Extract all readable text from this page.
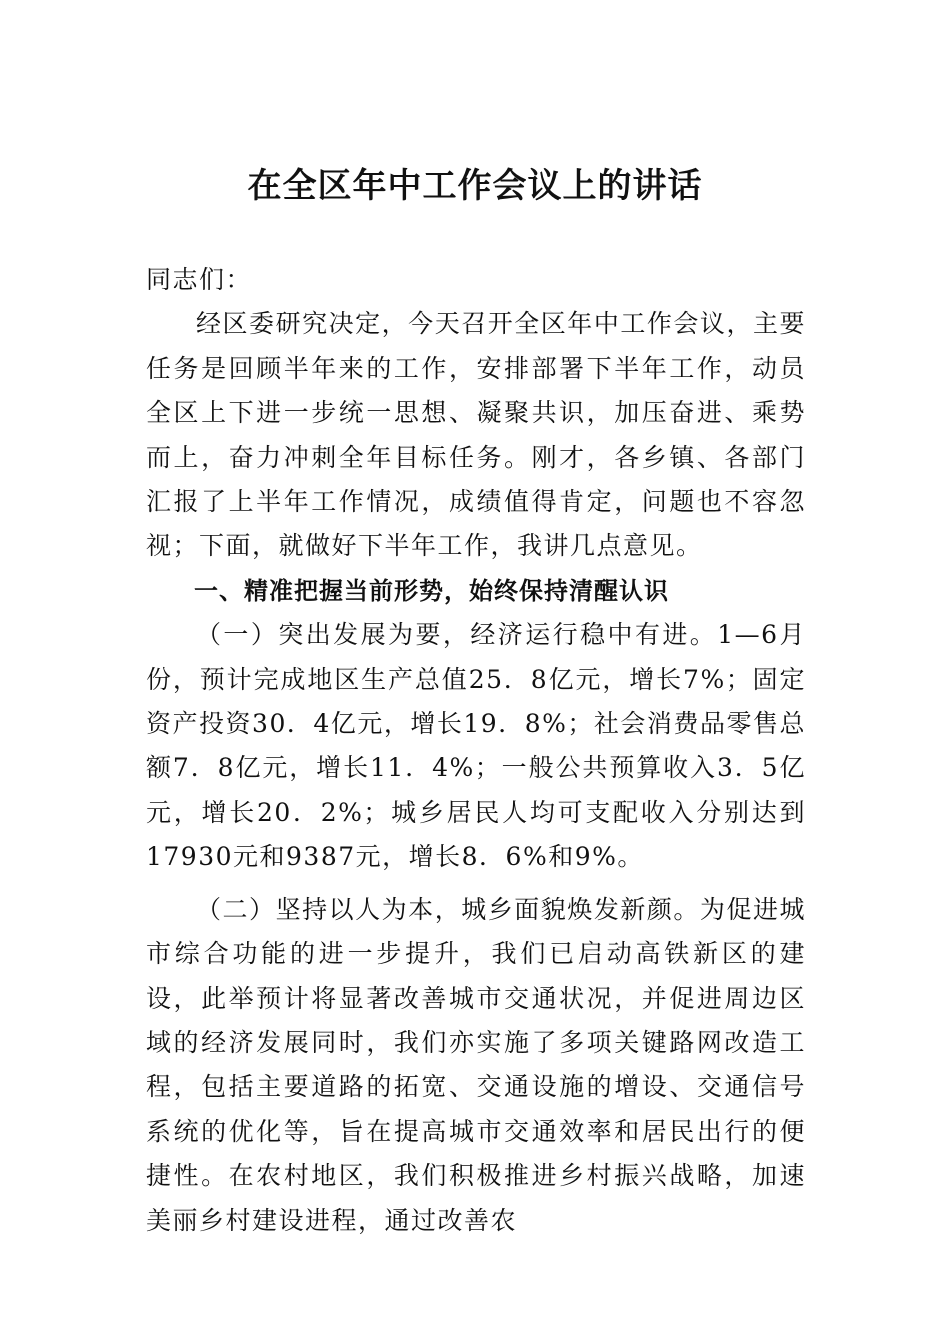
在全区年中工作会议上的讲话

同志们：

经区委研究决定，今天召开全区年中工作会议，主要任务是回顾半年来的工作，安排部署下半年工作，动员全区上下进一步统一思想、凝聚共识，加压奋进、乘势而上，奋力冲刺全年目标任务。刚才，各乡镇、各部门汇报了上半年工作情况，成绩值得肯定，问题也不容忽视；下面，就做好下半年工作，我讲几点意见。

一、精准把握当前形势，始终保持清醒认识

（一）突出发展为要，经济运行稳中有进。1—6月份，预计完成地区生产总值25．8亿元，增长7%；固定资产投资30．4亿元，增长19．8%；社会消费品零售总额7．8亿元，增长11．4%；一般公共预算收入3．5亿元，增长20．2%；城乡居民人均可支配收入分别达到17930元和9387元，增长8．6%和9%。

（二）坚持以人为本，城乡面貌焕发新颜。为促进城市综合功能的进一步提升，我们已启动高铁新区的建设，此举预计将显著改善城市交通状况，并促进周边区域的经济发展同时，我们亦实施了多项关键路网改造工程，包括主要道路的拓宽、交通设施的增设、交通信号系统的优化等，旨在提高城市交通效率和居民出行的便捷性。在农村地区，我们积极推进乡村振兴战略，加速美丽乡村建设进程，通过改善农
